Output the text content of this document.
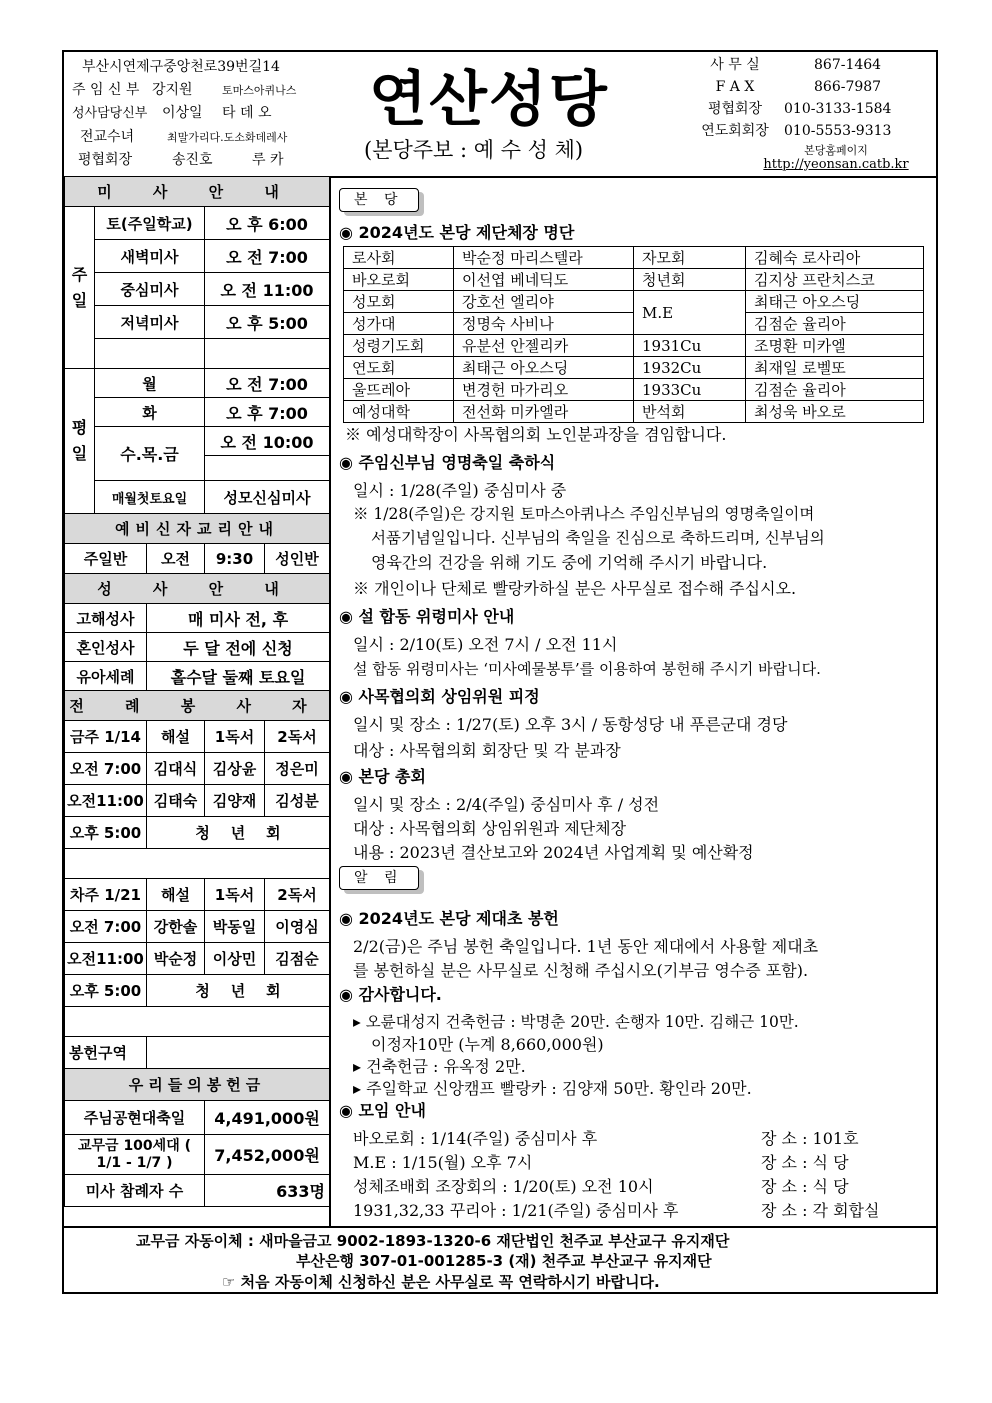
부산시연제구중앙천로39번길14
주 임 신 부 강지원	토마스아퀴나스
성사담당신부 이상일 타 데 오
전교수녀	최말가리다.도소화데레사
평협회장	송진호	루 카
연산성당
(본당주보 : 예 수 성 체)
사 무 실	867-1464
F A X	866-7987
평협회장	010-3133-1584
연도회회장	010-5553-9313
본당홈페이지
http://yeonsan.catb.kr
미 사 안 내				
주일	토(주일학교)		오 후 6:00	
	새벽미사		오 전 7:00	
	중심미사		오 전 11:00	
	저녁미사		오 후 5:00	

평일	월		오 전 7:00	
	화		오 후 7:00	
	수.목.금		오 전 10:00	

	매월첫토요일		성모신심미사	
예비신자교리안내				
주일반		오전	9:30	성인반
성 사 안 내				
고해성사		매 미사 전, 후		
혼인성사		두 달 전에 신청		
유아세례		홀수달 둘째 토요일		
전 례 봉 사 자				
금주 1/14		해설	1독서	2독서
오전 7:00		김대식	김상윤	정은미
오전11:00		김태숙	김양재	김성분
오후 5:00		청    년    회		

차주 1/21		해설	1독서	2독서
오전 7:00		강한솔	박동일	이영심
오전11:00		박순정	이상민	김점순
오후 5:00		청    년    회		

봉헌구역				
우리들의봉헌금				
주님공현대축일			4,491,000원	
교무금 100세대 ( 1/1 - 1/7 )			7,452,000원	
미사 참례자 수			633명	
본 당
◉ 2024년도 본당 제단체장 명단
로사회	박순정 마리스텔라	자모회	김혜숙 로사리아
바오로회	이선엽 베네딕도	청년회	김지상 프란치스코
성모회	강호선 엘리야	M.E	최태근 아오스딩
성가대	정명숙 사비나		김점순 율리아
성령기도회	유분선 안젤리카	1931Cu	조명환 미카엘
연도회	최태근 아오스딩	1932Cu	최재일 로벨또
울뜨레아	변경헌 마가리오	1933Cu	김점순 율리아
예성대학	전선화 미카엘라	반석회	최성욱 바오로
※ 예성대학장이 사목협의회 노인분과장을 겸임합니다.
◉ 주임신부님 영명축일 축하식
일시 : 1/28(주일) 중심미사 중
※ 1/28(주일)은 강지원 토마스아퀴나스 주임신부님의 영명축일이며
서품기념일입니다. 신부님의 축일을 진심으로 축하드리며, 신부님의
영육간의 건강을 위해 기도 중에 기억해 주시기 바랍니다.
※ 개인이나 단체로 빨랑카하실 분은 사무실로 접수해 주십시오.
◉ 설 합동 위령미사 안내
일시 : 2/10(토) 오전 7시 / 오전 11시
설 합동 위령미사는 ‘미사예물봉투’를 이용하여 봉헌해 주시기 바랍니다.
◉ 사목협의회 상임위원 피정
일시 및 장소 : 1/27(토) 오후 3시 / 동항성당 내 푸른군대 경당
대상 : 사목협의회 회장단 및 각 분과장
◉ 본당 총회
일시 및 장소 : 2/4(주일) 중심미사 후 / 성전
대상 : 사목협의회 상임위원과 제단체장
내용 : 2023년 결산보고와 2024년 사업계획 및 예산확정
알 림
◉ 2024년도 본당 제대초 봉헌
2/2(금)은 주님 봉헌 축일입니다. 1년 동안 제대에서 사용할 제대초
를 봉헌하실 분은 사무실로 신청해 주십시오(기부금 영수증 포함).
◉ 감사합니다.
▸ 오륜대성지 건축헌금 : 박명춘 20만. 손행자 10만. 김해근 10만.
이정자10만 (누계 8,660,000원)
▸ 건축헌금 : 유옥정 2만.
▸ 주일학교 신앙캠프 빨랑카 : 김양재 50만. 황인라 20만.
◉ 모임 안내
바오로회 : 1/14(주일) 중심미사 후	장 소 : 101호
M.E : 1/15(월) 오후 7시	장 소 : 식 당
성체조배회 조장회의 : 1/20(토) 오전 10시	장 소 : 식 당
1931,32,33 꾸리아 : 1/21(주일) 중심미사 후	장 소 : 각 회합실
교무금 자동이체 : 새마을금고 9002-1893-1320-6 재단법인 천주교 부산교구 유지재단
부산은행 307-01-001285-3 (재) 천주교 부산교구 유지재단
☞ 처음 자동이체 신청하신 분은 사무실로 꼭 연락하시기 바랍니다.
